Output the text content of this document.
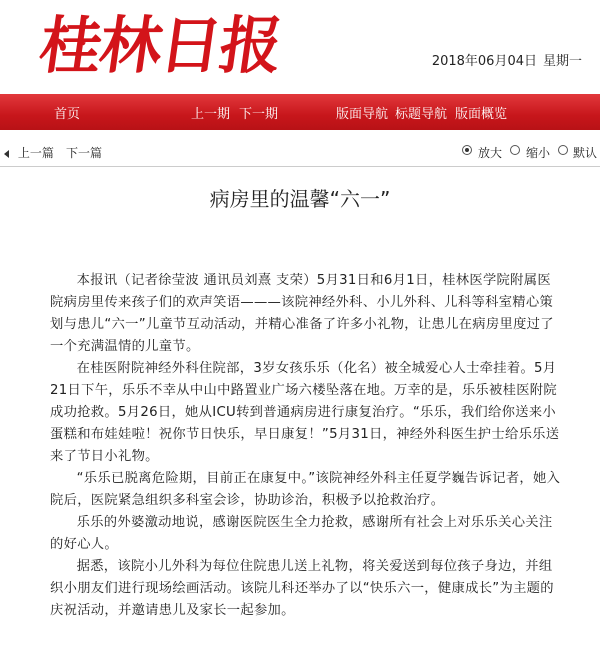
桂林日报	2018年06月04日 星期一
首页	上一期 下一期	版面导航 标题导航 版面概览
上一篇 下一篇	放大 缩小 默认
病房里的温馨“六一”

本报讯（记者徐莹波 通讯员刘熹 支荣）5月31日和6月1日，桂林医学院附属医院病房里传来孩子们的欢声笑语———该院神经外科、小儿外科、儿科等科室精心策划与患儿“六一”儿童节互动活动，并精心准备了许多小礼物，让患儿在病房里度过了一个充满温情的儿童节。

在桂医附院神经外科住院部，3岁女孩乐乐（化名）被全城爱心人士牵挂着。5月21日下午，乐乐不幸从中山中路置业广场六楼坠落在地。万幸的是，乐乐被桂医附院成功抢救。5月26日，她从ICU转到普通病房进行康复治疗。“乐乐，我们给你送来小蛋糕和布娃娃啦！祝你节日快乐，早日康复！”5月31日，神经外科医生护士给乐乐送来了节日小礼物。

“乐乐已脱离危险期，目前正在康复中。”该院神经外科主任夏学巍告诉记者，她入院后，医院紧急组织多科室会诊，协助诊治，积极予以抢救治疗。

乐乐的外婆激动地说，感谢医院医生全力抢救，感谢所有社会上对乐乐关心关注的好心人。

据悉，该院小儿外科为每位住院患儿送上礼物，将关爱送到每位孩子身边，并组织小朋友们进行现场绘画活动。该院儿科还举办了以“快乐六一，健康成长”为主题的庆祝活动，并邀请患儿及家长一起参加。
